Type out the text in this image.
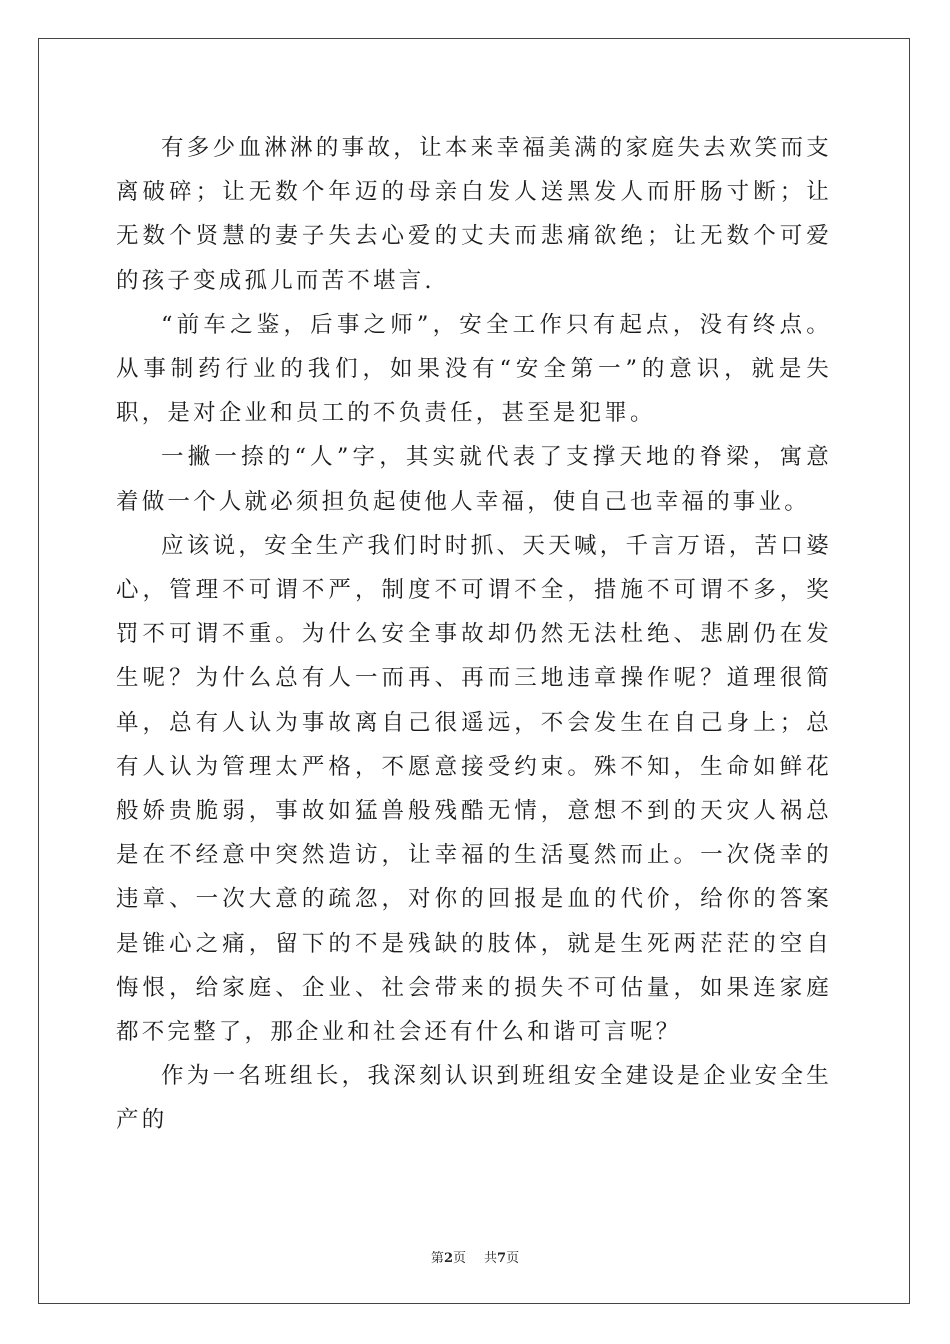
有多少血淋淋的事故，让本来幸福美满的家庭失去欢笑而支离破碎；让无数个年迈的母亲白发人送黑发人而肝肠寸断；让无数个贤慧的妻子失去心爱的丈夫而悲痛欲绝；让无数个可爱的孩子变成孤儿而苦不堪言.

“前车之鉴，后事之师”，安全工作只有起点，没有终点。从事制药行业的我们，如果没有“安全第一”的意识，就是失职，是对企业和员工的不负责任，甚至是犯罪。

一撇一捺的“人”字，其实就代表了支撑天地的脊梁，寓意着做一个人就必须担负起使他人幸福，使自己也幸福的事业。

应该说，安全生产我们时时抓、天天喊，千言万语，苦口婆心，管理不可谓不严，制度不可谓不全，措施不可谓不多，奖罚不可谓不重。为什么安全事故却仍然无法杜绝、悲剧仍在发生呢？为什么总有人一而再、再而三地违章操作呢？道理很简单，总有人认为事故离自己很遥远，不会发生在自己身上；总有人认为管理太严格，不愿意接受约束。殊不知，生命如鲜花般娇贵脆弱，事故如猛兽般残酷无情，意想不到的天灾人祸总是在不经意中突然造访，让幸福的生活戛然而止。一次侥幸的违章、一次大意的疏忽，对你的回报是血的代价，给你的答案是锥心之痛，留下的不是残缺的肢体，就是生死两茫茫的空自悔恨，给家庭、企业、社会带来的损失不可估量，如果连家庭都不完整了，那企业和社会还有什么和谐可言呢？

作为一名班组长，我深刻认识到班组安全建设是企业安全生产的

第2页 共7页
